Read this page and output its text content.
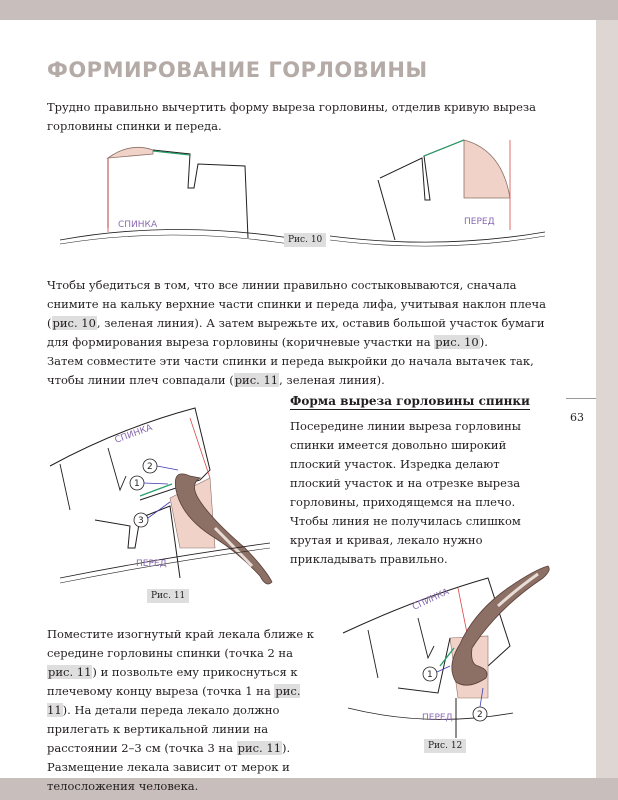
63
ФОРМИРОВАНИЕ ГОРЛОВИНЫ

Трудно правильно вычертить форму выреза горловины, отделив кривую выреза горловины спинки и переда.

СПИНКА	ПЕРЕД
Рис. 10

Чтобы убедиться в том, что все линии правильно состыковываются, сначала снимите на кальку верхние части спинки и переда лифа, учитывая наклон плеча (рис. 10, зеленая линия). А затем вырежьте их, оставив большой участок бумаги для формирования выреза горловины (коричневые участки на рис. 10).

Затем совместите эти части спинки и переда выкройки до начала вытачек так, чтобы линии плеч совпадали (рис. 11, зеленая линия).

Форма выреза горловины спинки

Посередине линии выреза горловины спинки имеется довольно широкий плоский участок. Изредка делают плоский участок и на отрезке выреза горловины, приходящемся на плечо. Чтобы линия не получилась слишком крутая и кривая, лекало нужно прикладывать правильно.

СПИНКА
ПЕРЕД
2
1
3
Рис. 11

Поместите изогнутый край лекала ближе к середине горловины спинки (точка 2 на рис. 11) и позвольте ему прикоснуться к плечевому концу выреза (точка 1 на рис. 11). На детали переда лекало должно прилегать к вертикальной линии на расстоянии 2–3 см (точка 3 на рис. 11). Размещение лекала зависит от мерок и телосложения человека.

СПИНКА
ПЕРЕД
1
2
Рис. 12
